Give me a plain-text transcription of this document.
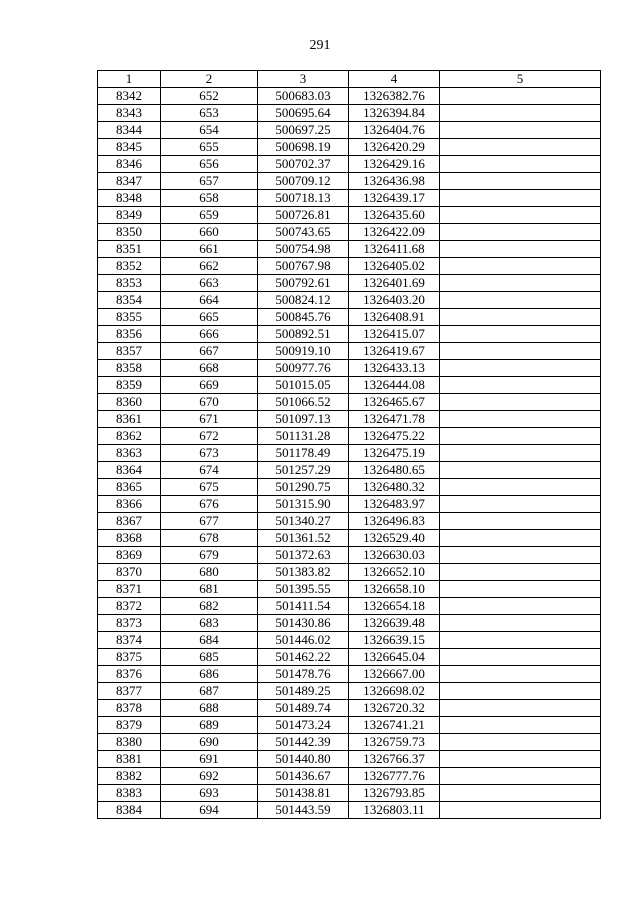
291
1	2	3	4	5
8342	652	500683.03	1326382.76	
8343	653	500695.64	1326394.84	
8344	654	500697.25	1326404.76	
8345	655	500698.19	1326420.29	
8346	656	500702.37	1326429.16	
8347	657	500709.12	1326436.98	
8348	658	500718.13	1326439.17	
8349	659	500726.81	1326435.60	
8350	660	500743.65	1326422.09	
8351	661	500754.98	1326411.68	
8352	662	500767.98	1326405.02	
8353	663	500792.61	1326401.69	
8354	664	500824.12	1326403.20	
8355	665	500845.76	1326408.91	
8356	666	500892.51	1326415.07	
8357	667	500919.10	1326419.67	
8358	668	500977.76	1326433.13	
8359	669	501015.05	1326444.08	
8360	670	501066.52	1326465.67	
8361	671	501097.13	1326471.78	
8362	672	501131.28	1326475.22	
8363	673	501178.49	1326475.19	
8364	674	501257.29	1326480.65	
8365	675	501290.75	1326480.32	
8366	676	501315.90	1326483.97	
8367	677	501340.27	1326496.83	
8368	678	501361.52	1326529.40	
8369	679	501372.63	1326630.03	
8370	680	501383.82	1326652.10	
8371	681	501395.55	1326658.10	
8372	682	501411.54	1326654.18	
8373	683	501430.86	1326639.48	
8374	684	501446.02	1326639.15	
8375	685	501462.22	1326645.04	
8376	686	501478.76	1326667.00	
8377	687	501489.25	1326698.02	
8378	688	501489.74	1326720.32	
8379	689	501473.24	1326741.21	
8380	690	501442.39	1326759.73	
8381	691	501440.80	1326766.37	
8382	692	501436.67	1326777.76	
8383	693	501438.81	1326793.85	
8384	694	501443.59	1326803.11	
